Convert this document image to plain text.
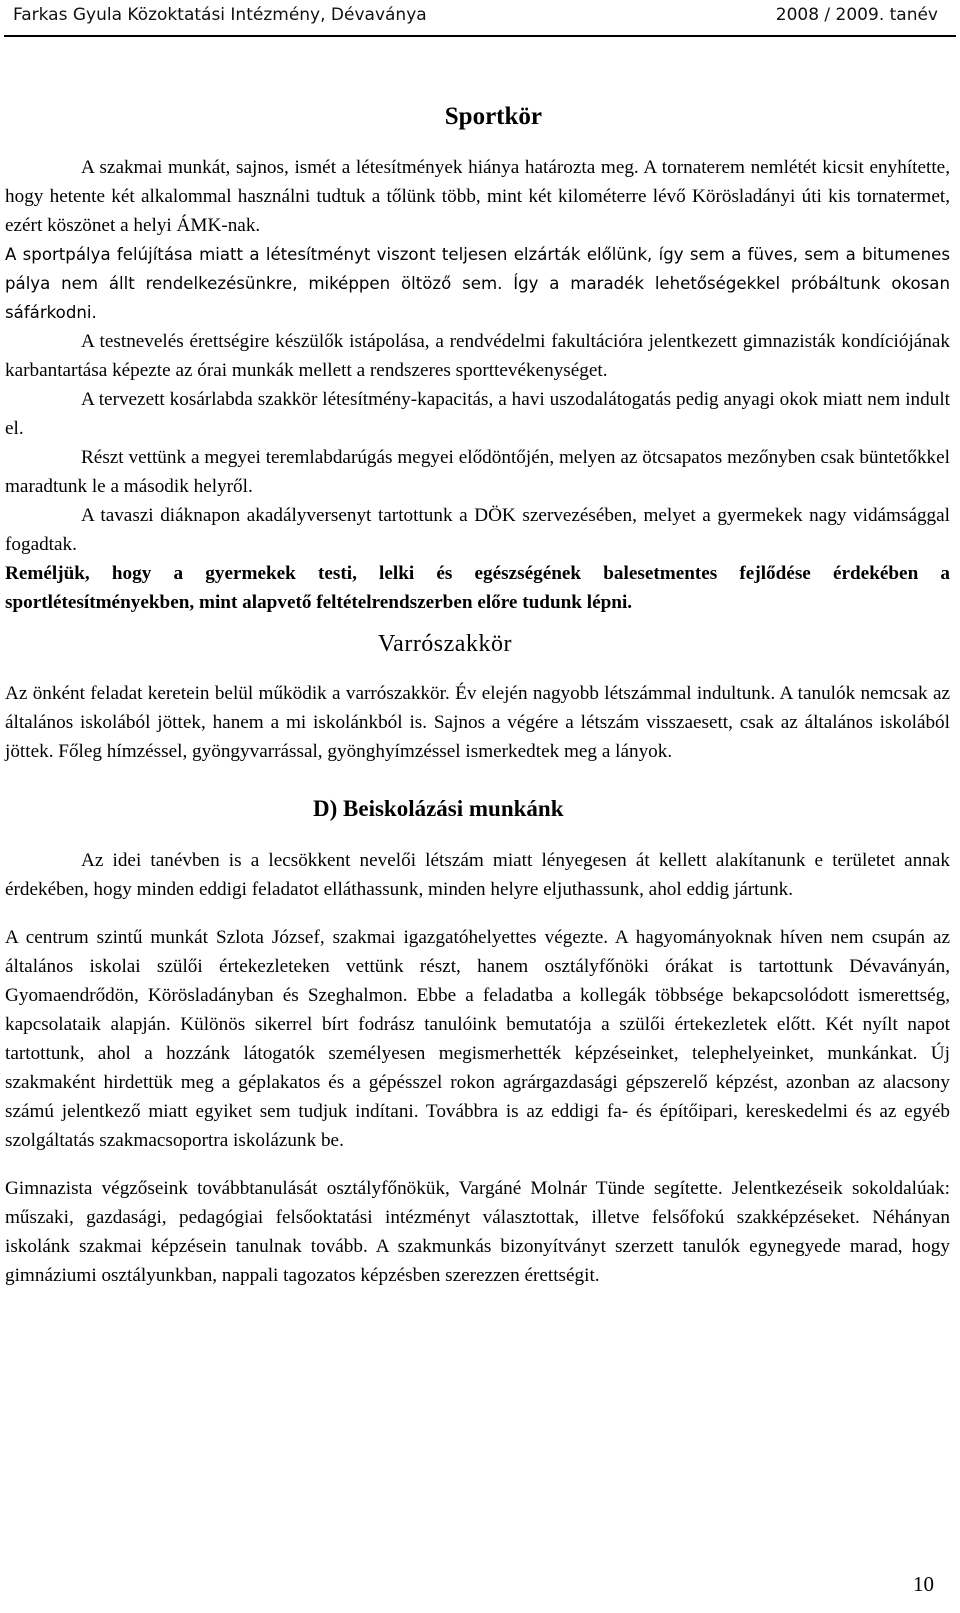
Farkas Gyula Közoktatási Intézmény, Dévaványa	2008 / 2009. tanév
Sportkör

A szakmai munkát, sajnos, ismét a létesítmények hiánya határozta meg. A tornaterem nemlétét kicsit enyhítette, hogy hetente két alkalommal használni tudtuk a tőlünk több, mint két kilométerre lévő Körösladányi úti kis tornatermet, ezért köszönet a helyi ÁMK-nak.

A sportpálya felújítása miatt a létesítményt viszont teljesen elzárták előlünk, így sem a füves, sem a bitumenes pálya nem állt rendelkezésünkre, miképpen öltöző sem. Így a maradék lehetőségekkel próbáltunk okosan sáfárkodni.

A testnevelés érettségire készülők istápolása, a rendvédelmi fakultációra jelentkezett gimnazisták kondíciójának karbantartása képezte az órai munkák mellett a rendszeres sporttevékenységet.

A tervezett kosárlabda szakkör létesítmény-kapacitás, a havi uszodalátogatás pedig anyagi okok miatt nem indult el.

Részt vettünk a megyei teremlabdarúgás megyei elődöntőjén, melyen az ötcsapatos mezőnyben csak büntetőkkel maradtunk le a második helyről.

A tavaszi diáknapon akadályversenyt tartottunk a DÖK szervezésében, melyet a gyermekek nagy vidámsággal fogadtak.

Reméljük, hogy a gyermekek testi, lelki és egészségének balesetmentes fejlődése érdekében a sportlétesítményekben, mint alapvető feltételrendszerben előre tudunk lépni.

Varrószakkör

Az önként feladat keretein belül működik a varrószakkör. Év elején nagyobb létszámmal indultunk. A tanulók nemcsak az általános iskolából jöttek, hanem a mi iskolánkból is. Sajnos a végére a létszám visszaesett, csak az általános iskolából jöttek. Főleg hímzéssel, gyöngyvarrással, gyönghyímzéssel ismerkedtek meg a lányok.

D) Beiskolázási munkánk

Az idei tanévben is a lecsökkent nevelői létszám miatt lényegesen át kellett alakítanunk e területet annak érdekében, hogy minden eddigi feladatot elláthassunk, minden helyre eljuthassunk, ahol eddig jártunk.

A centrum szintű munkát Szlota József, szakmai igazgatóhelyettes végezte. A hagyományoknak híven nem csupán az általános iskolai szülői értekezleteken vettünk részt, hanem osztályfőnöki órákat is tartottunk Dévaványán, Gyomaendrődön, Körösladányban és Szeghalmon. Ebbe a feladatba a kollegák többsége bekapcsolódott ismerettség, kapcsolataik alapján. Különös sikerrel bírt fodrász tanulóink bemutatója a szülői értekezletek előtt. Két nyílt napot tartottunk, ahol a hozzánk látogatók személyesen megismerhették képzéseinket, telephelyeinket, munkánkat. Új szakmaként hirdettük meg a géplakatos és a gépésszel rokon agrárgazdasági gépszerelő képzést, azonban az alacsony számú jelentkező miatt egyiket sem tudjuk indítani. Továbbra is az eddigi fa- és építőipari, kereskedelmi és az egyéb szolgáltatás szakmacsoportra iskolázunk be.

Gimnazista végzőseink továbbtanulását osztályfőnökük, Vargáné Molnár Tünde segítette. Jelentkezéseik sokoldalúak: műszaki, gazdasági, pedagógiai felsőoktatási intézményt választottak, illetve felsőfokú szakképzéseket. Néhányan iskolánk szakmai képzésein tanulnak tovább. A szakmunkás bizonyítványt szerzett tanulók egynegyede marad, hogy gimnáziumi osztályunkban, nappali tagozatos képzésben szerezzen érettségit.

10
